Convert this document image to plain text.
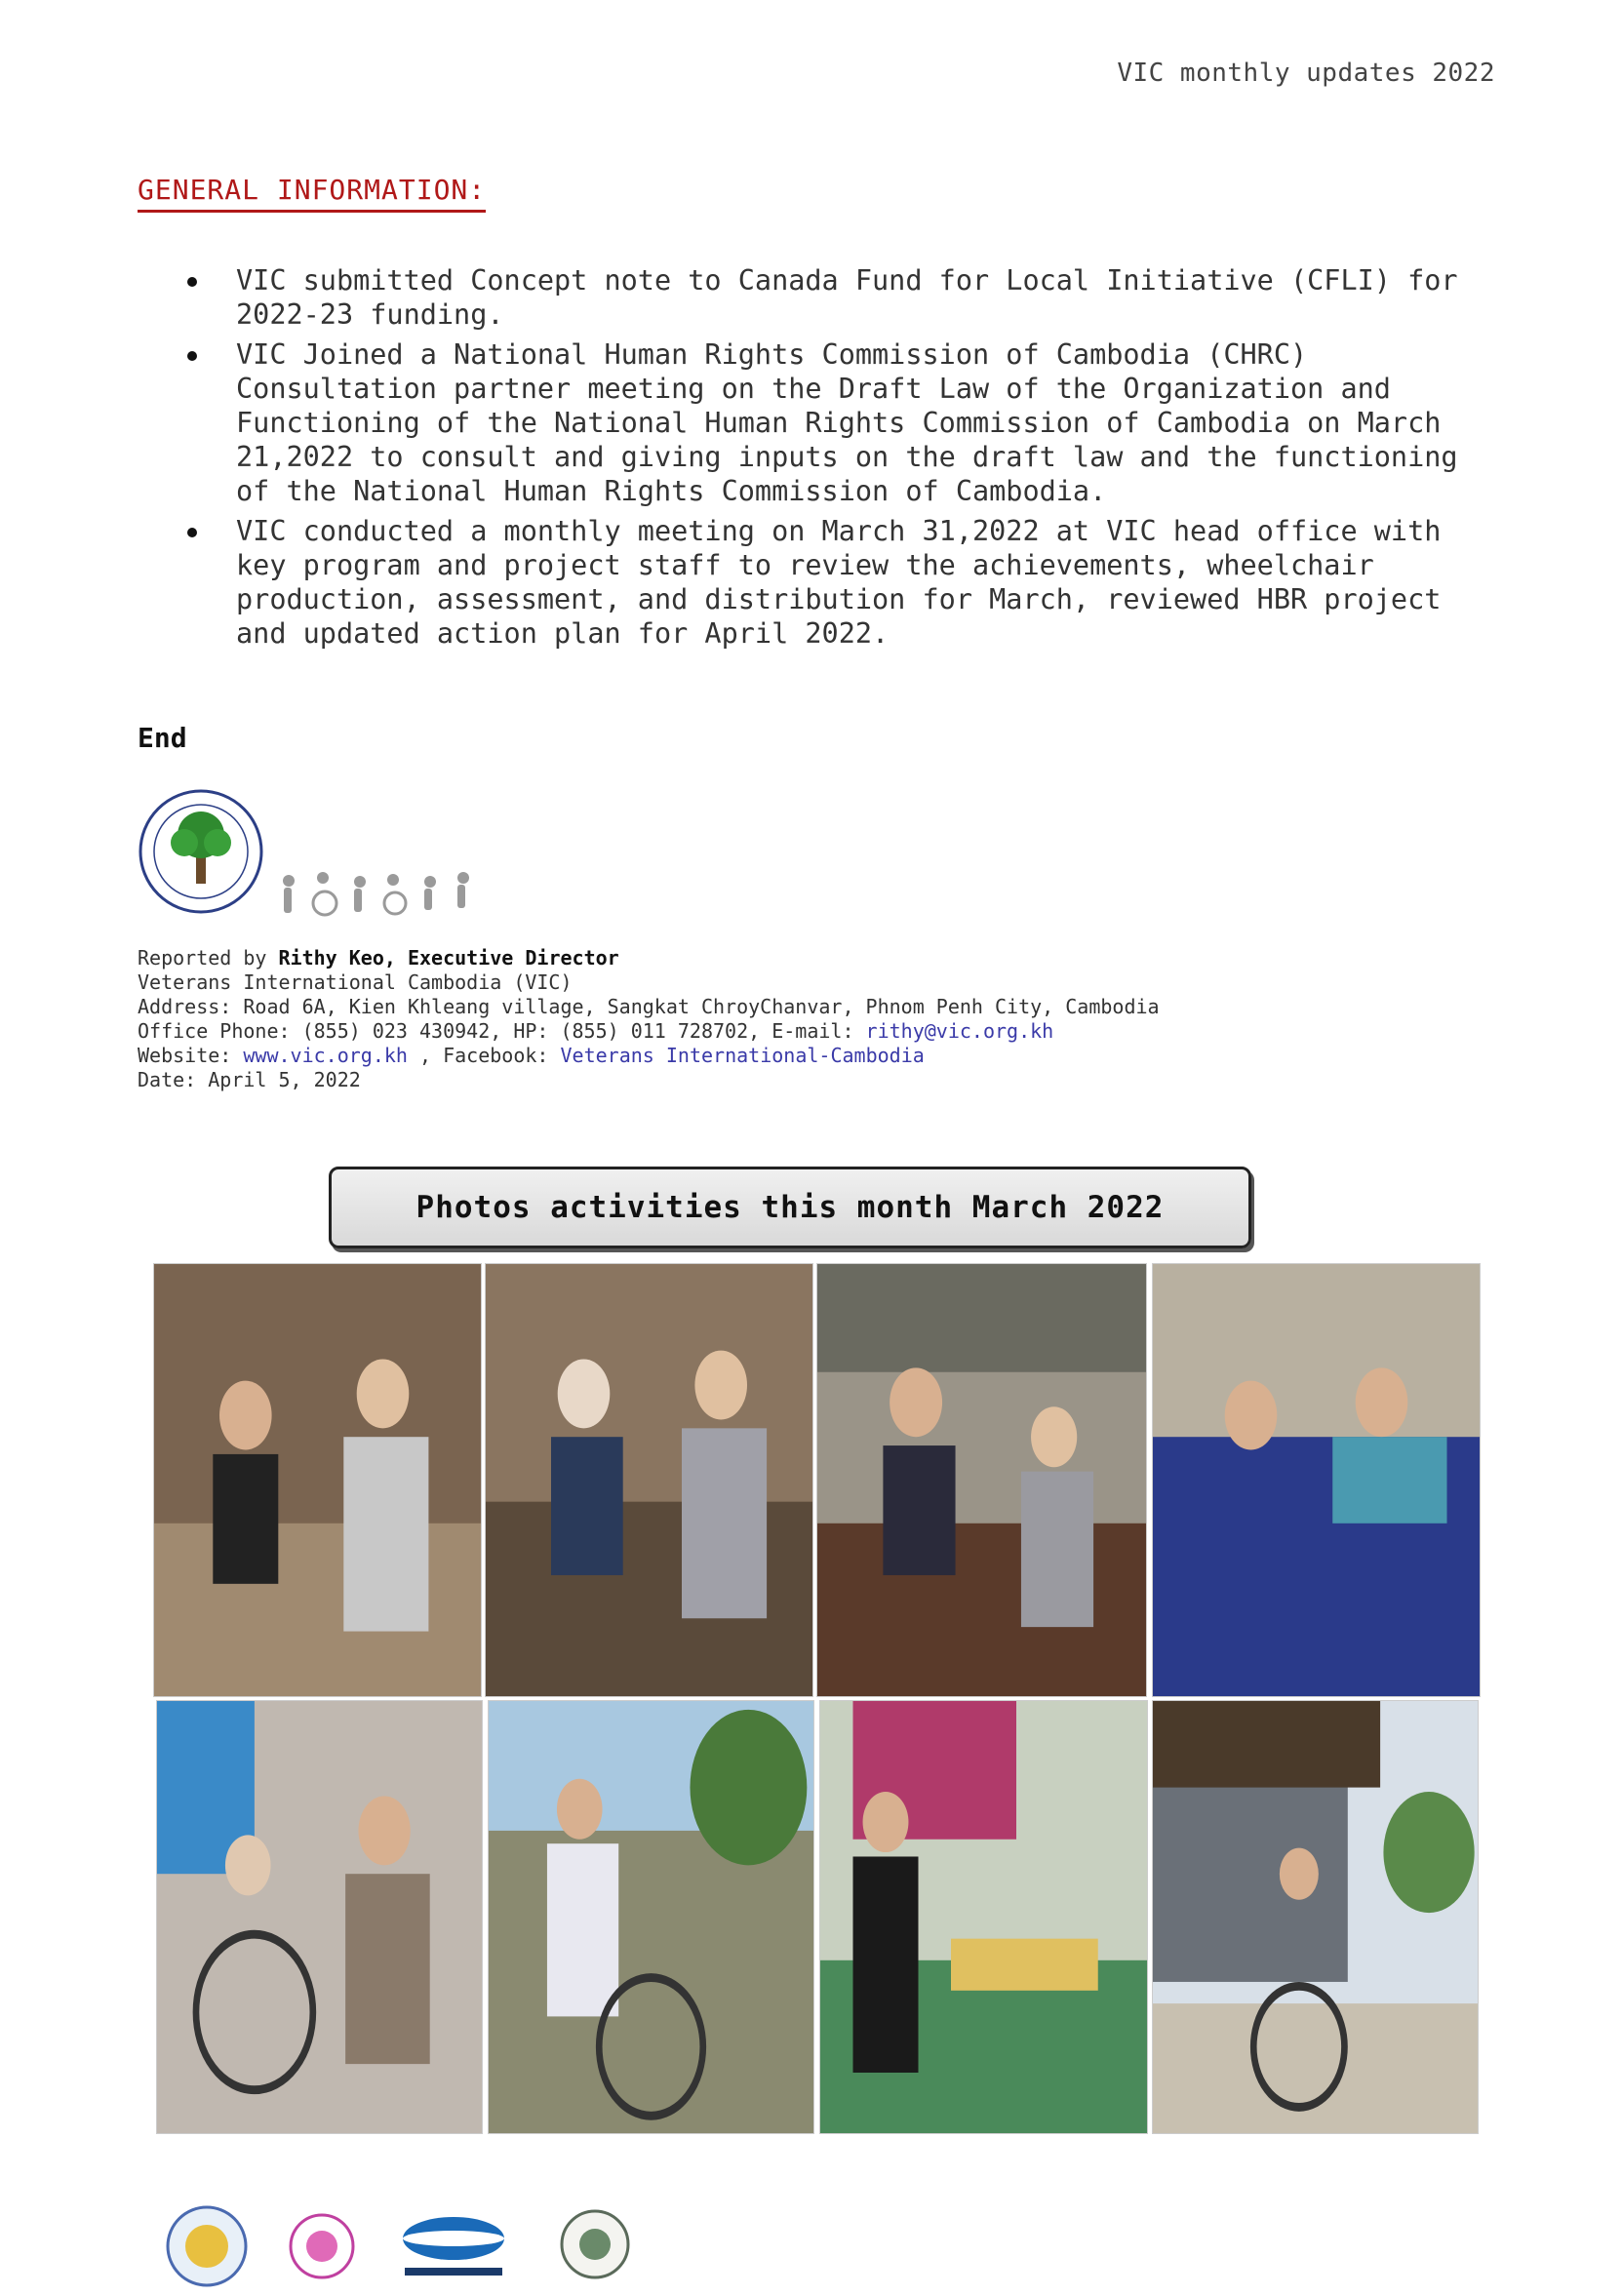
VIC monthly updates 2022
GENERAL INFORMATION:
VIC submitted Concept note to Canada Fund for Local Initiative (CFLI) for 2022-23 funding.
VIC Joined a National Human Rights Commission of Cambodia (CHRC) Consultation partner meeting on the Draft Law of the Organization and Functioning of the National Human Rights Commission of Cambodia on March 21,2022 to consult and giving inputs on the draft law and the functioning of the National Human Rights Commission of Cambodia.
VIC conducted a monthly meeting on March 31,2022 at VIC head office with key program and project staff to review the achievements, wheelchair production, assessment, and distribution for March, reviewed HBR project and updated action plan for April 2022.
End
Reported by Rithy Keo, Executive Director
Veterans International Cambodia (VIC)
Address: Road 6A, Kien Khleang village, Sangkat ChroyChanvar, Phnom Penh City, Cambodia
Office Phone: (855) 023 430942, HP: (855) 011 728702, E-mail: rithy@vic.org.kh
Website: www.vic.org.kh , Facebook: Veterans International-Cambodia
Date: April 5, 2022
Photos activities this month March 2022
